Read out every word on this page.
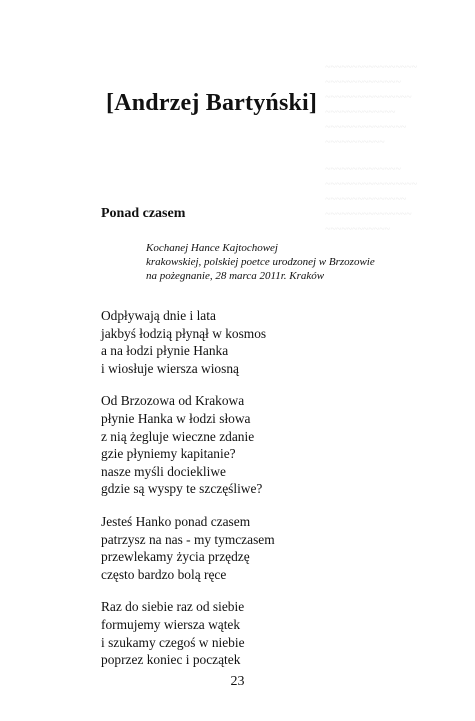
~~~~~~~~~~~~~~~~~
~~~~~~~~~~~~~~
~~~~~~~~~~~~~~~~
~~~~~~~~~~~~~
~~~~~~~~~~~~~~~
~~~~~~~~~~~
~~~~~~~~~~~~~~
~~~~~~~~~~~~~~~~~
~~~~~~~~~~~~~~~
~~~~~~~~~~~~~~~~
~~~~~~~~~~~~
[Andrzej Bartyński]
Ponad czasem
Kochanej Hance Kajtochowej
krakowskiej, polskiej poetce urodzonej w Brzozowie
na pożegnanie, 28 marca 2011r. Kraków
Odpływają dnie i lata
jakbyś łodzią płynął w kosmos
a na łodzi płynie Hanka
i wiosłuje wiersza wiosną
Od Brzozowa od Krakowa
płynie Hanka w łodzi słowa
z nią żegluje wieczne zdanie
gzie płyniemy kapitanie?
nasze myśli dociekliwe
gdzie są wyspy te szczęśliwe?
Jesteś Hanko ponad czasem
patrzysz na nas - my tymczasem
przewlekamy życia przędzę
często bardzo bolą ręce
Raz do siebie raz od siebie
formujemy wiersza wątek
i szukamy czegoś w niebie
poprzez koniec i początek
23
